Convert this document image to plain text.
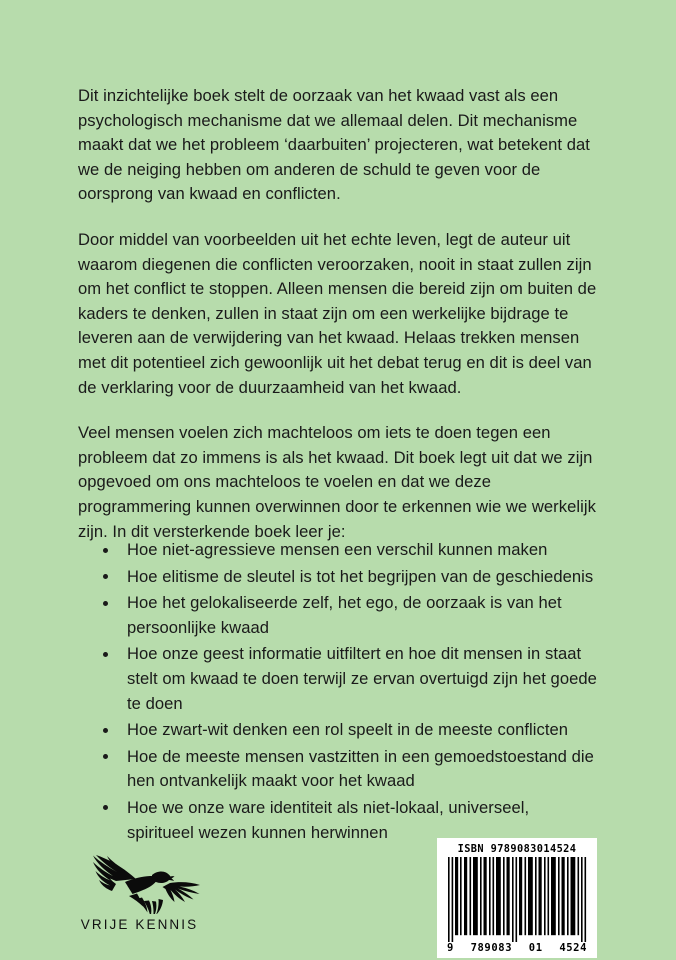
Dit inzichtelijke boek stelt de oorzaak van het kwaad vast als een psychologisch mechanisme dat we allemaal delen. Dit mechanisme maakt dat we het probleem ‘daarbuiten’ projecteren, wat betekent dat we de neiging hebben om anderen de schuld te geven voor de oorsprong van kwaad en conflicten.

Door middel van voorbeelden uit het echte leven, legt de auteur uit waarom diegenen die conflicten veroorzaken, nooit in staat zullen zijn om het conflict te stoppen. Alleen mensen die bereid zijn om buiten de kaders te denken, zullen in staat zijn om een werkelijke bijdrage te leveren aan de verwijdering van het kwaad. Helaas trekken mensen met dit potentieel zich gewoonlijk uit het debat terug en dit is deel van de verklaring voor de duurzaamheid van het kwaad.

Veel mensen voelen zich machteloos om iets te doen tegen een probleem dat zo immens is als het kwaad. Dit boek legt uit dat we zijn opgevoed om ons machteloos te voelen en dat we deze programmering kunnen overwinnen door te erkennen wie we werkelijk zijn. In dit versterkende boek leer je:

Hoe niet-agressieve mensen een verschil kunnen maken
Hoe elitisme de sleutel is tot het begrijpen van de geschiedenis
Hoe het gelokaliseerde zelf, het ego, de oorzaak is van het persoonlijke kwaad
Hoe onze geest informatie uitfiltert en hoe dit mensen in staat stelt om kwaad te doen terwijl ze ervan overtuigd zijn het goede te doen
Hoe zwart-wit denken een rol speelt in de meeste conflicten
Hoe de meeste mensen vastzitten in een gemoedstoestand die hen ontvankelijk maakt voor het kwaad
Hoe we onze ware identiteit als niet-lokaal, universeel, spiritueel wezen kunnen herwinnen
VRIJE KENNIS
ISBN 9789083014524
9 789083 01 4524
